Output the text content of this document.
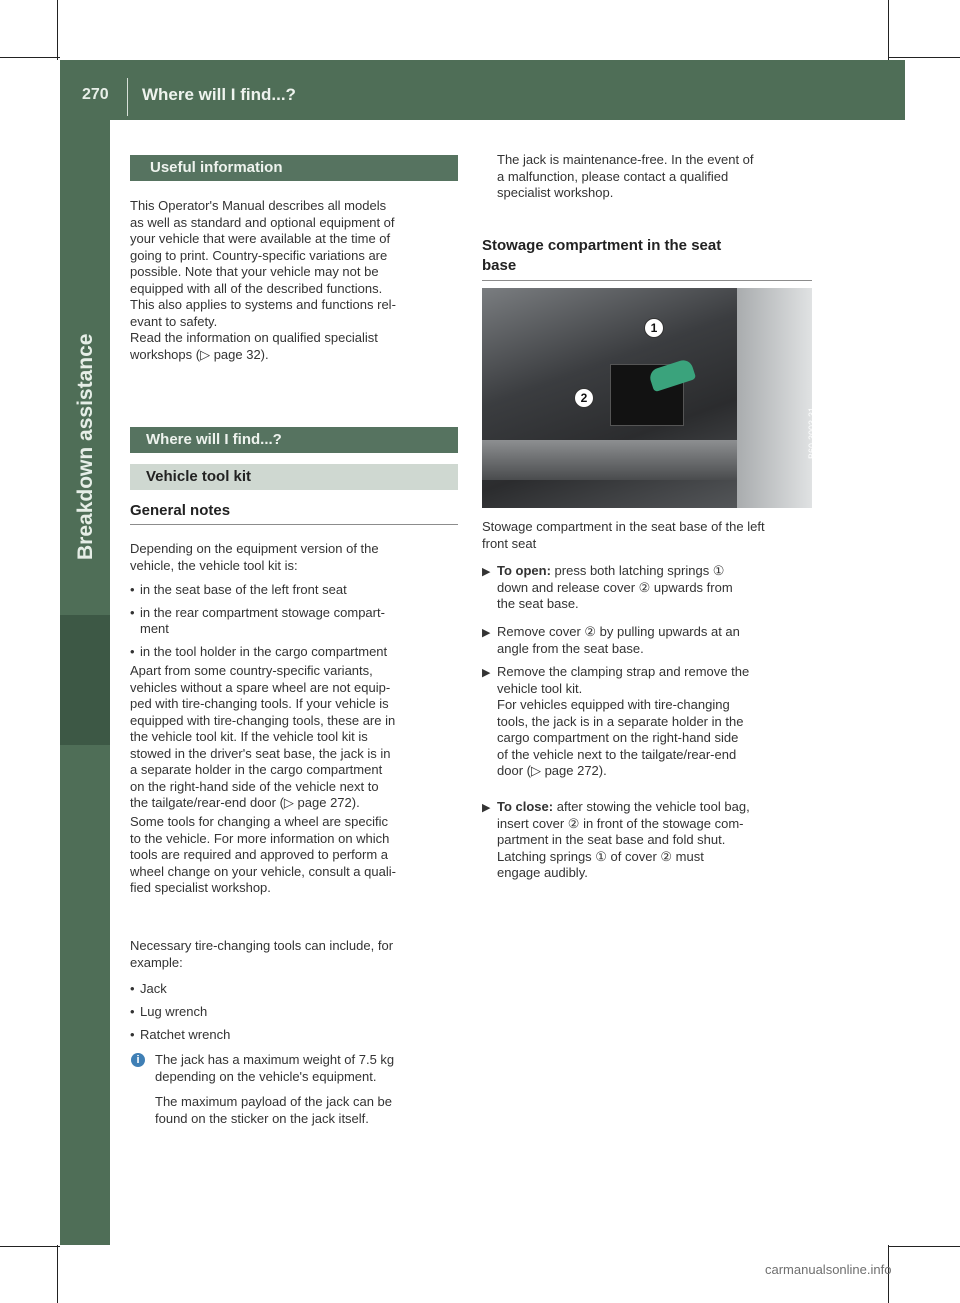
270 Where will I find...?
Breakdown assistance
Useful information
This Operator's Manual describes all models
as well as standard and optional equipment of
your vehicle that were available at the time of
going to print. Country-specific variations are
possible. Note that your vehicle may not be
equipped with all of the described functions.
This also applies to systems and functions rel-
evant to safety.
Read the information on qualified specialist
workshops (▷ page 32).
Where will I find...?
Vehicle tool kit
General notes
Depending on the equipment version of the
vehicle, the vehicle tool kit is:
• in the seat base of the left front seat
• in the rear compartment stowage compart-
ment
• in the tool holder in the cargo compartment
Apart from some country-specific variants,
vehicles without a spare wheel are not equip-
ped with tire-changing tools. If your vehicle is
equipped with tire-changing tools, these are in
the vehicle tool kit. If the vehicle tool kit is
stowed in the driver's seat base, the jack is in
a separate holder in the cargo compartment
on the right-hand side of the vehicle next to
the tailgate/rear-end door (▷ page 272).
Some tools for changing a wheel are specific
to the vehicle. For more information on which
tools are required and approved to perform a
wheel change on your vehicle, consult a quali-
fied specialist workshop.
Necessary tire-changing tools can include, for
example:
• Jack
• Lug wrench
• Ratchet wrench
i	The jack has a maximum weight of 7.5 kg
depending on the vehicle's equipment.
The maximum payload of the jack can be
found on the sticker on the jack itself.
The jack is maintenance-free. In the event of
a malfunction, please contact a qualified
specialist workshop.
Stowage compartment in the seat
base
1
2
B60-3003-31
Stowage compartment in the seat base of the left
front seat
▶ To open: press both latching springs ①
down and release cover ② upwards from
the seat base.
▶ Remove cover ② by pulling upwards at an
angle from the seat base.
▶ Remove the clamping strap and remove the
vehicle tool kit.
For vehicles equipped with tire-changing
tools, the jack is in a separate holder in the
cargo compartment on the right-hand side
of the vehicle next to the tailgate/rear-end
door (▷ page 272).
▶ To close: after stowing the vehicle tool bag,
insert cover ② in front of the stowage com-
partment in the seat base and fold shut.
Latching springs ① of cover ② must
engage audibly.
carmanualsonline.info
